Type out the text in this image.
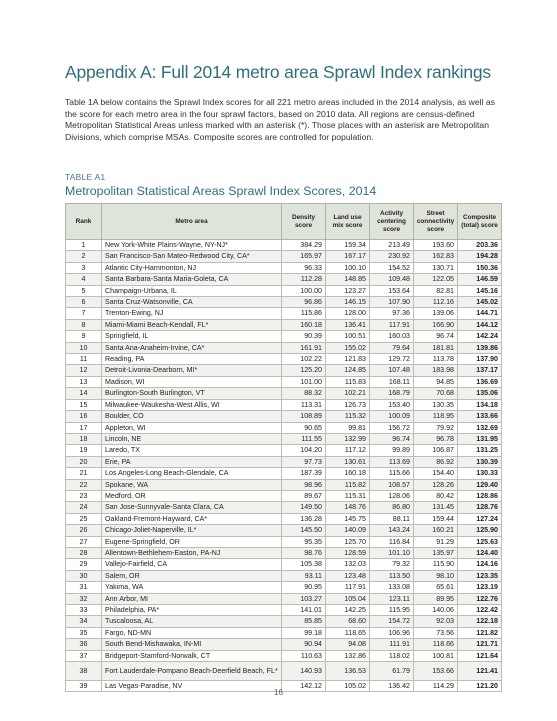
Appendix A: Full 2014 metro area Sprawl Index rankings

Table 1A below contains the Sprawl Index scores for all 221 metro areas included in the 2014 analysis, as well as the score for each metro area in the four sprawl factors, based on 2010 data. All regions are census-defined Metropolitan Statistical Areas unless marked with an asterisk (*). Those places with an asterisk are Metropolitan Divisions, which comprise MSAs. Composite scores are controlled for population.

TABLE A1
Metropolitan Statistical Areas Sprawl Index Scores, 2014
Rank	Metro area	Density score	Land use mix score	Activity centering score	Street connectivity score	Composite (total) score
1	New York-White Plains-Wayne, NY-NJ*	384.29	159.34	213.49	193.60	203.36
2	San Francisco-San Mateo-Redwood City, CA*	165.97	167.17	230.92	162.83	194.28
3	Atlantic City-Hammonton, NJ	96.33	100.10	154.52	130.71	150.36
4	Santa Barbara-Santa Maria-Goleta, CA	112.28	148.85	109.48	122.05	146.59
5	Champaign-Urbana, IL	100.00	123.27	153.64	82.81	145.16
6	Santa Cruz-Watsonville, CA	96.86	146.15	107.90	112.16	145.02
7	Trenton-Ewing, NJ	115.86	128.00	97.36	139.06	144.71
8	Miami-Miami Beach-Kendall, FL*	160.18	136.41	117.91	166.90	144.12
9	Springfield, IL	90.39	100.51	160.03	96.74	142.24
10	Santa Ana-Anaheim-Irvine, CA*	161.91	155.02	79.64	181.81	139.86
11	Reading, PA	102.22	121.83	129.72	113.78	137.90
12	Detroit-Livonia-Dearborn, MI*	125.20	124.85	107.48	183.98	137.17
13	Madison, WI	101.00	115.83	168.11	94.85	136.69
14	Burlington-South Burlington, VT	88.32	102.21	168.79	70.68	135.06
15	Milwaukee-Waukesha-West Allis, WI	113.31	126.73	153.40	130.35	134.18
16	Boulder, CO	108.89	115.32	100.09	118.95	133.66
17	Appleton, WI	90.65	99.81	156.72	79.92	132.69
18	Lincoln, NE	111.55	132.99	96.74	96.78	131.95
19	Laredo, TX	104.20	117.12	99.89	106.87	131.25
20	Erie, PA	97.73	130.61	113.69	86.92	130.39
21	Los Angeles-Long Beach-Glendale, CA	187.39	160.18	115.66	154.40	130.33
22	Spokane, WA	98.96	115.82	108.57	128.26	129.40
23	Medford, OR	89.67	115.31	128.06	80.42	128.86
24	San Jose-Sunnyvale-Santa Clara, CA	149.50	148.76	86.80	131.45	128.76
25	Oakland-Fremont-Hayward, CA*	136.28	145.75	88.11	159.44	127.24
26	Chicago-Joliet-Naperville, IL*	145.50	140.09	143.24	160.21	125.90
27	Eugene-Springfield, OR	95.35	125.70	116.84	91.29	125.63
28	Allentown-Bethlehem-Easton, PA-NJ	98.76	128.59	101.10	135.97	124.40
29	Vallejo-Fairfield, CA	105.38	132.03	79.32	115.90	124.16
30	Salem, OR	93.11	123.48	113.50	98.10	123.35
31	Yakima, WA	90.95	117.91	133.08	65.61	123.19
32	Ann Arbor, MI	103.27	105.04	123.11	89.95	122.76
33	Philadelphia, PA*	141.01	142.25	115.95	140.06	122.42
34	Tuscaloosa, AL	85.85	68.60	154.72	92.03	122.18
35	Fargo, ND-MN	99.18	118.65	106.96	73.56	121.82
36	South Bend-Mishawaka, IN-MI	90.94	94.08	111.91	118.66	121.71
37	Bridgeport-Stamford-Norwalk, CT	110.63	132.86	118.02	100.81	121.64
38	Fort Lauderdale-Pompano Beach-Deerfield Beach, FL*	140.93	136.53	61.79	153.66	121.41
39	Las Vegas-Paradise, NV	142.12	105.02	136.42	114.29	121.20
16
